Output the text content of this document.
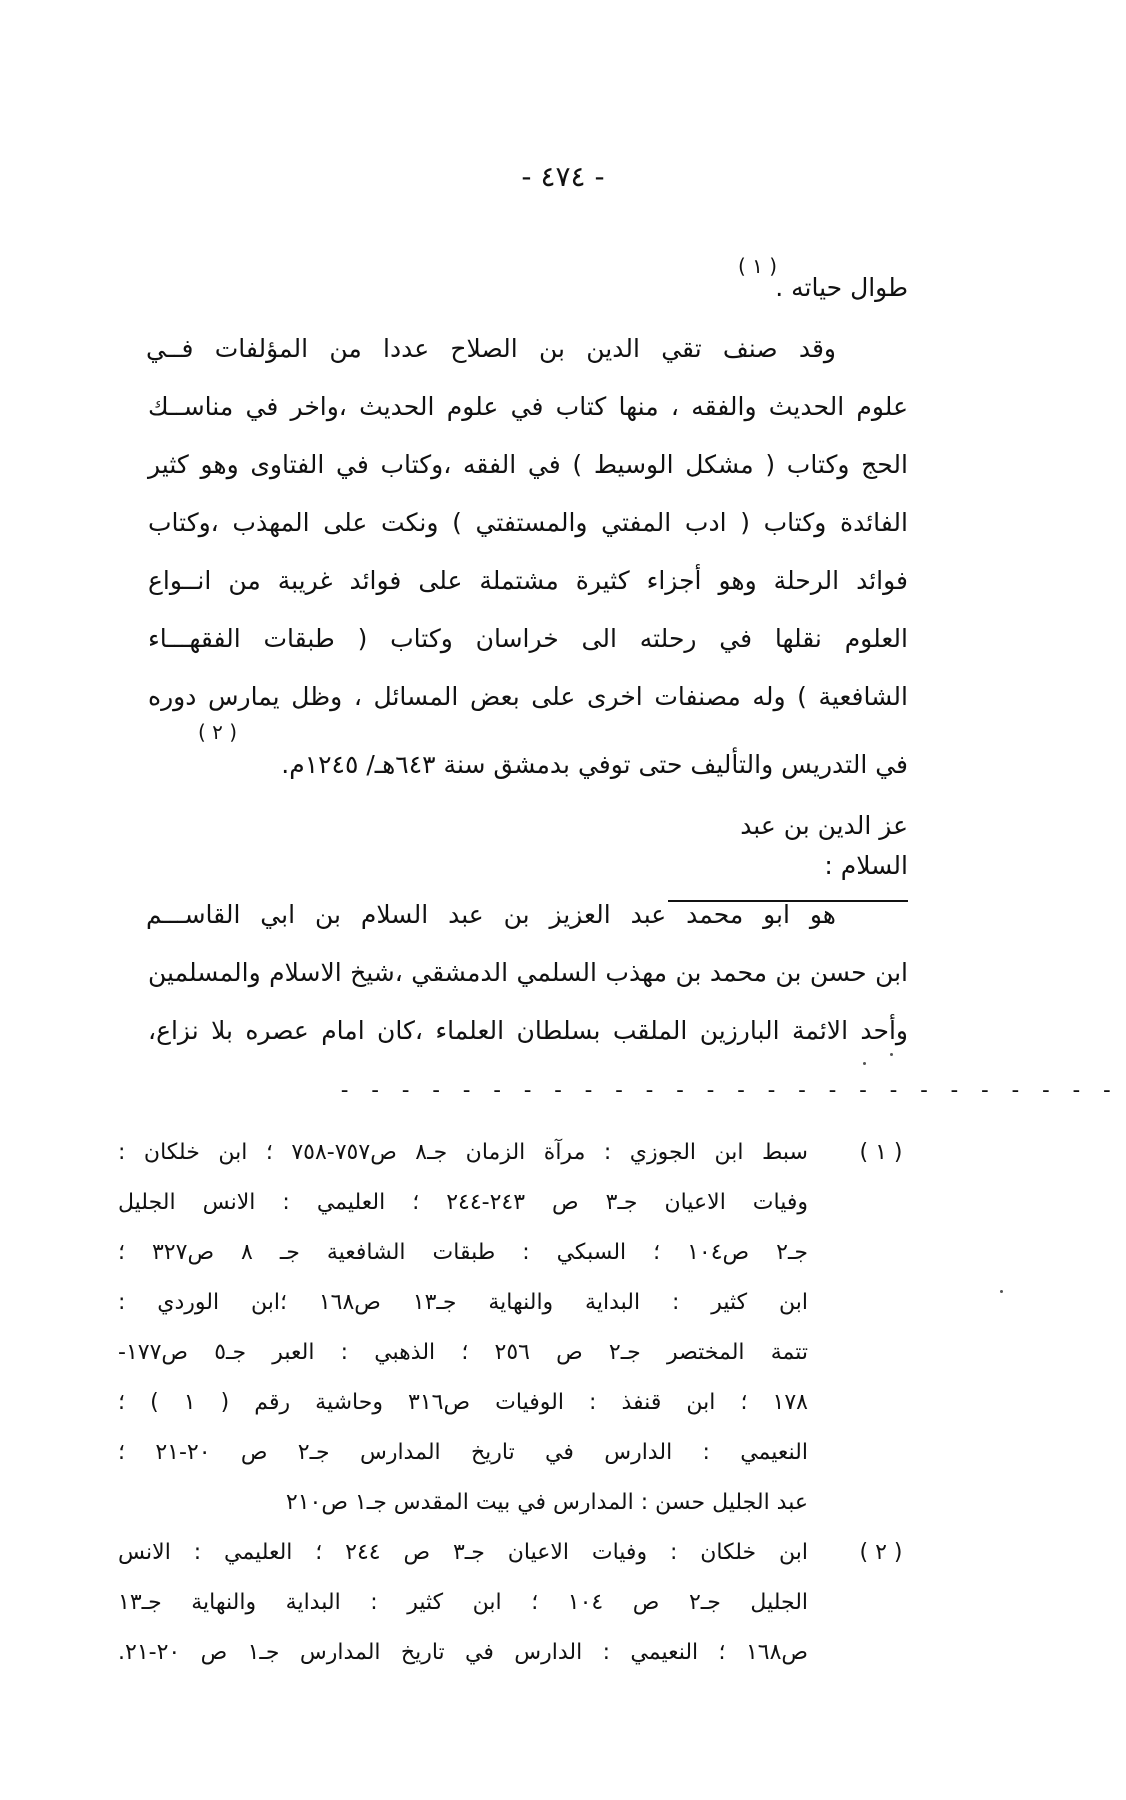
- ٤٧٤ -
طوال حياته .
( ١ )
وقد صنف تقي الدين بن الصلاح عددا من المؤلفات فــي
علوم الحديث والفقه ، منها كتاب في علوم الحديث ،واخر في مناســك
الحج وكتاب ( مشكل الوسيط ) في الفقه ،وكتاب في الفتاوى وهو كثير
الفائدة وكتاب ( ادب المفتي والمستفتي ) ونكت على المهذب ،وكتاب
فوائد الرحلة وهو أجزاء كثيرة مشتملة على فوائد غريبة من انــواع
العلوم نقلها في رحلته الى خراسان وكتاب ( طبقات الفقهـــاء
الشافعية ) وله مصنفات اخرى على بعض المسائل ، وظل يمارس دوره
( ٢ )
في التدريس والتأليف حتى توفي بدمشق سنة ٦٤٣هـ/ ١٢٤٥م.
عز الدين بن عبد السلام :
هو ابو محمد عبد العزيز بن عبد السلام بن ابي القاســـم
ابن حسن بن محمد بن مهذب السلمي الدمشقي ،شيخ الاسلام والمسلمين
وأحد الائمة البارزين الملقب بسلطان العلماء ،كان امام عصره بلا نزاع،
- - - - - - - - - - - - - - - - - - - - - - - - - -
( ١ )
سبط ابن الجوزي : مرآة الزمان جـ٨ ص٧٥٧-٧٥٨ ؛ ابن خلكان :
وفيات الاعيان جـ٣ ص ٢٤٣-٢٤٤ ؛ العليمي : الانس الجليل
جـ٢ ص١٠٤ ؛ السبكي : طبقات الشافعية جـ ٨ ص٣٢٧ ؛
ابن كثير : البداية والنهاية جـ١٣ ص١٦٨ ؛ابن الوردي :
تتمة المختصر جـ٢ ص ٢٥٦ ؛ الذهبي : العبر جـ٥ ص١٧٧-
١٧٨ ؛ ابن قنفذ : الوفيات ص٣١٦ وحاشية رقم ( ١ ) ؛
النعيمي : الدارس في تاريخ المدارس جـ٢ ص ٢٠-٢١ ؛
عبد الجليل حسن : المدارس في بيت المقدس جـ١ ص٢١٠
( ٢ )
ابن خلكان : وفيات الاعيان جـ٣ ص ٢٤٤ ؛ العليمي : الانس
الجليل جـ٢ ص ١٠٤ ؛ ابن كثير : البداية والنهاية جـ١٣
ص١٦٨ ؛ النعيمي : الدارس في تاريخ المدارس جـ١ ص ٢٠-٢١.
